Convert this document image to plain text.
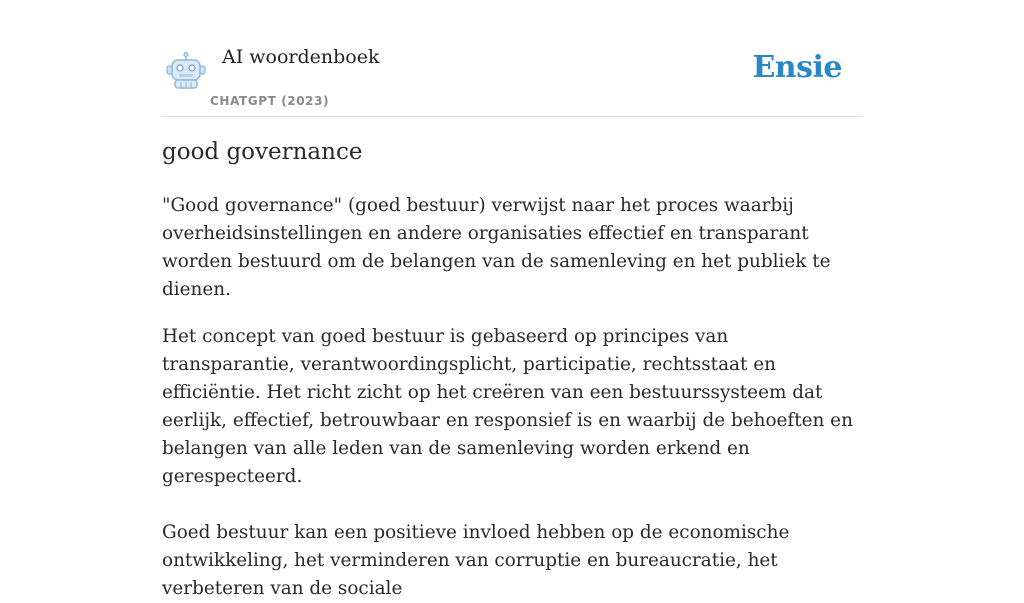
AI woordenboek
CHATGPT (2023)
Ensie
good governance

"Good governance" (goed bestuur) verwijst naar het proces waarbij overheidsinstellingen en andere organisaties effectief en transparant worden bestuurd om de belangen van de samenleving en het publiek te dienen.

Het concept van goed bestuur is gebaseerd op principes van transparantie, verantwoordingsplicht, participatie, rechtsstaat en efficiëntie. Het richt zicht op het creëren van een bestuurssysteem dat eerlijk, effectief, betrouwbaar en responsief is en waarbij de behoeften en belangen van alle leden van de samenleving worden erkend en gerespecteerd.

Goed bestuur kan een positieve invloed hebben op de economische ontwikkeling, het verminderen van corruptie en bureaucratie, het verbeteren van de sociale
